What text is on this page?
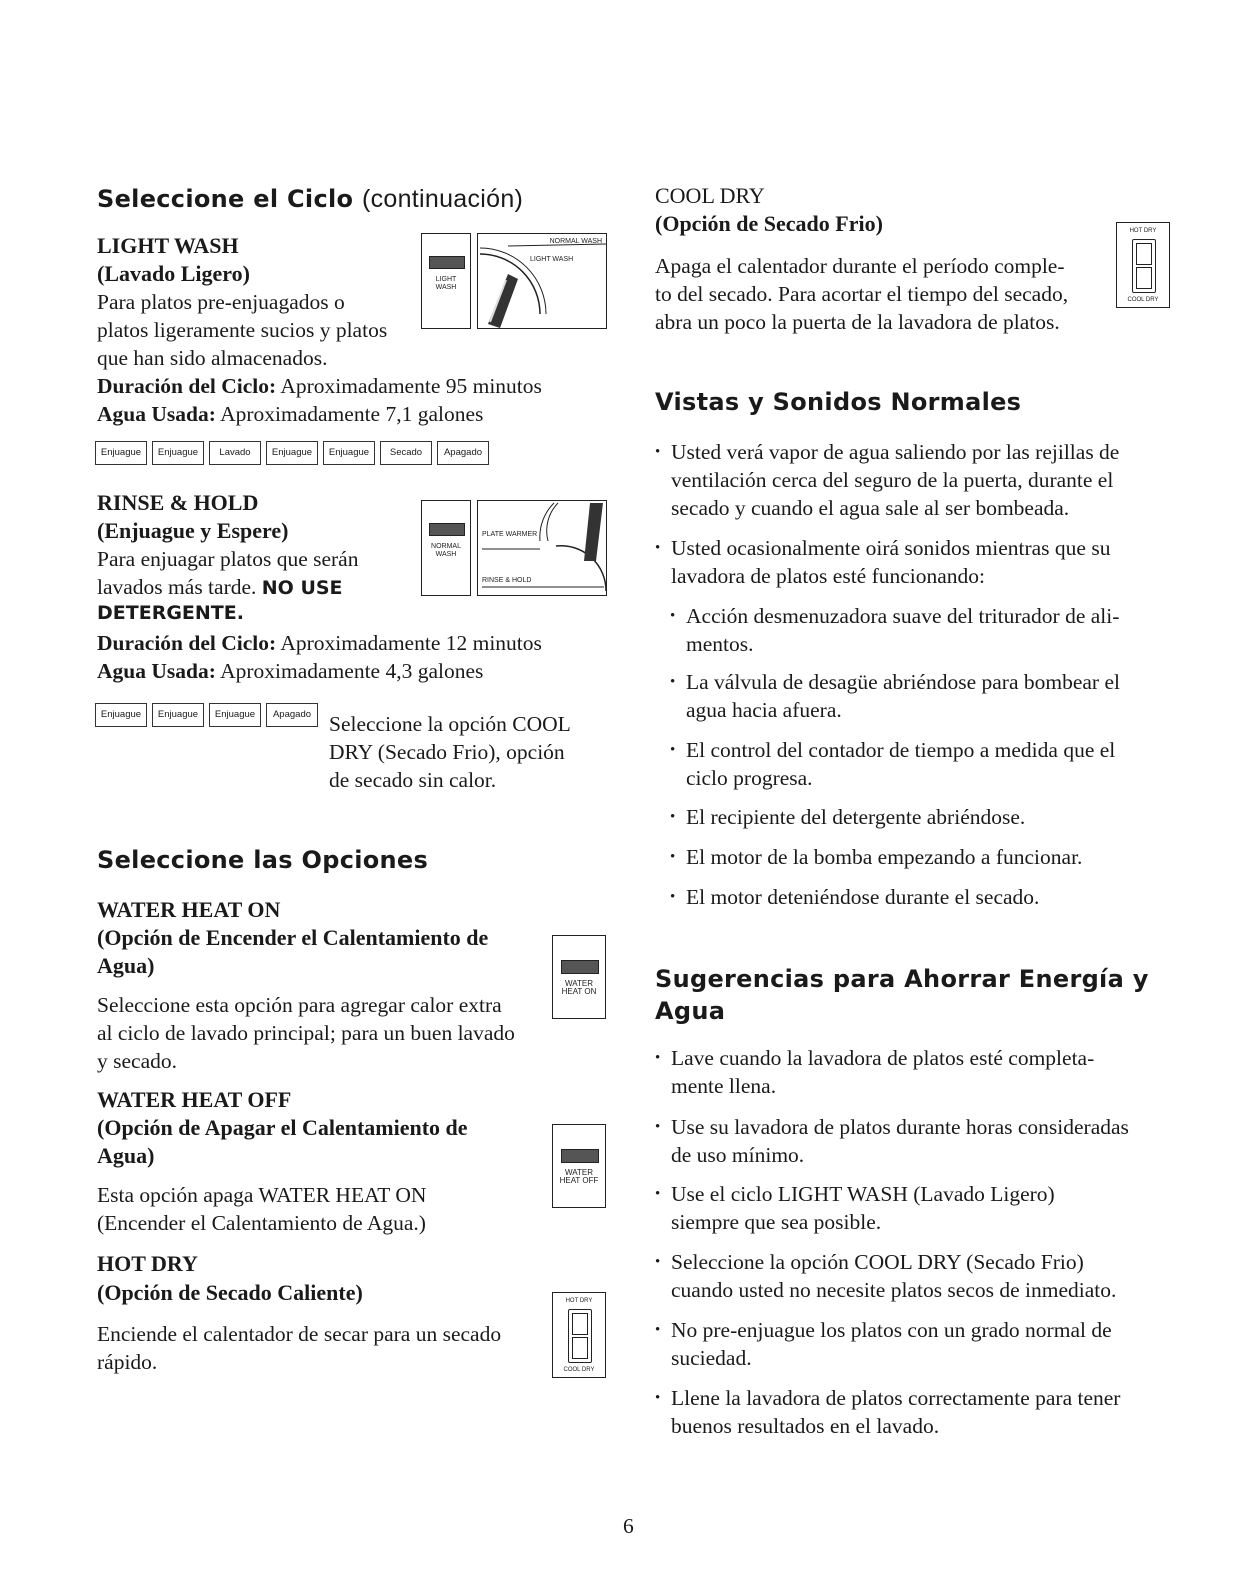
Seleccione el Ciclo (continuación)
LIGHT WASH
(Lavado Ligero)
Para platos pre-enjuagados o
platos ligeramente sucios y platos
que han sido almacenados.
Duración del Ciclo: Aproximadamente 95 minutos
Agua Usada: Aproximadamente 7,1 galones
Enjuague Enjuague Lavado Enjuague Enjuague Secado Apagado
LIGHT
WASH
NORMAL WASH
LIGHT WASH
RINSE & HOLD
(Enjuague y Espere)
Para enjuagar platos que serán
lavados más tarde. NO USE
DETERGENTE.
Duración del Ciclo: Aproximadamente 12 minutos
Agua Usada: Aproximadamente 4,3 galones
Enjuague Enjuague Enjuague Apagado Seleccione la opción COOL
DRY (Secado Frio), opción
de secado sin calor.
NORMAL
WASH
PLATE WARMER
RINSE & HOLD
Seleccione las Opciones
WATER HEAT ON
(Opción de Encender el Calentamiento de
Agua)
Seleccione esta opción para agregar calor extra
al ciclo de lavado principal; para un buen lavado
y secado.
WATER
HEAT ON
WATER HEAT OFF
(Opción de Apagar el Calentamiento de
Agua)
Esta opción apaga WATER HEAT ON
(Encender el Calentamiento de Agua.)
WATER
HEAT OFF
HOT DRY
(Opción de Secado Caliente)
Enciende el calentador de secar para un secado
rápido.
HOT DRY
COOL DRY
COOL DRY
(Opción de Secado Frio)
Apaga el calentador durante el período comple-
to del secado. Para acortar el tiempo del secado,
abra un poco la puerta de la lavadora de platos.
HOT DRY
COOL DRY
Vistas y Sonidos Normales
• Usted verá vapor de agua saliendo por las rejillas de
ventilación cerca del seguro de la puerta, durante el
secado y cuando el agua sale al ser bombeada.
• Usted ocasionalmente oirá sonidos mientras que su
lavadora de platos esté funcionando:
• Acción desmenuzadora suave del triturador de ali-
mentos.
• La válvula de desagüe abriéndose para bombear el
agua hacia afuera.
• El control del contador de tiempo a medida que el
ciclo progresa.
• El recipiente del detergente abriéndose.
• El motor de la bomba empezando a funcionar.
• El motor deteniéndose durante el secado.
Sugerencias para Ahorrar Energía y
Agua
• Lave cuando la lavadora de platos esté completa-
mente llena.
• Use su lavadora de platos durante horas consideradas
de uso mínimo.
• Use el ciclo LIGHT WASH (Lavado Ligero)
siempre que sea posible.
• Seleccione la opción COOL DRY (Secado Frio)
cuando usted no necesite platos secos de inmediato.
• No pre-enjuague los platos con un grado normal de
suciedad.
• Llene la lavadora de platos correctamente para tener
buenos resultados en el lavado.
6
